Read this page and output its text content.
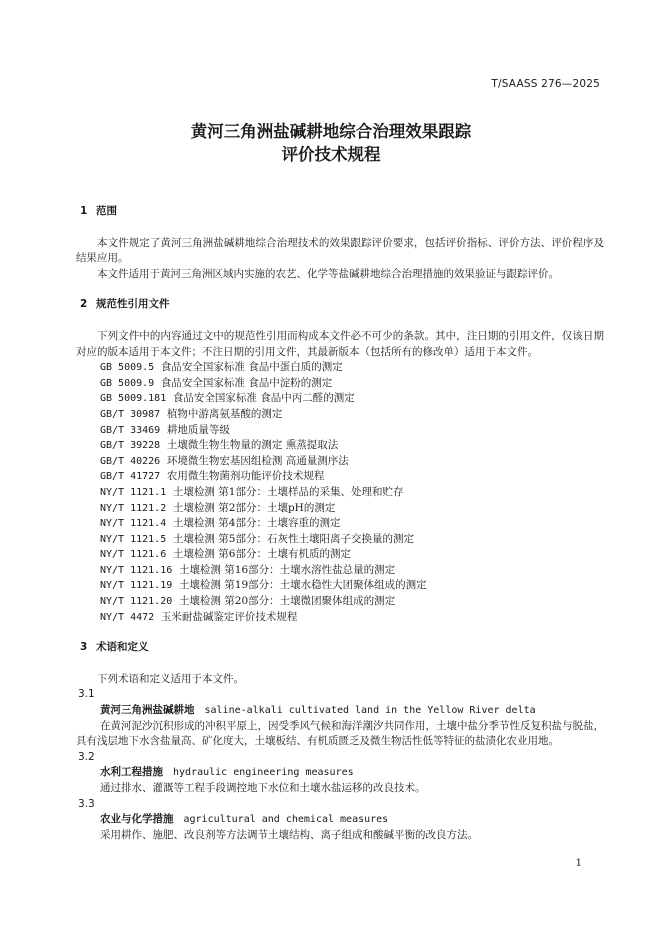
T/SAASS 276—2025
黄河三角洲盐碱耕地综合治理效果跟踪
评价技术规程
1 范围

本文件规定了黄河三角洲盐碱耕地综合治理技术的效果跟踪评价要求，包括评价指标、评价方法、评价程序及结果应用。

本文件适用于黄河三角洲区域内实施的农艺、化学等盐碱耕地综合治理措施的效果验证与跟踪评价。

2 规范性引用文件

下列文件中的内容通过文中的规范性引用而构成本文件必不可少的条款。其中，注日期的引用文件，仅该日期对应的版本适用于本文件；不注日期的引用文件，其最新版本（包括所有的修改单）适用于本文件。

GB 5009.5 食品安全国家标准 食品中蛋白质的测定
GB 5009.9 食品安全国家标准 食品中淀粉的测定
GB 5009.181 食品安全国家标准 食品中丙二醛的测定
GB/T 30987 植物中游离氨基酸的测定
GB/T 33469 耕地质量等级
GB/T 39228 土壤微生物生物量的测定 熏蒸提取法
GB/T 40226 环境微生物宏基因组检测 高通量测序法
GB/T 41727 农用微生物菌剂功能评价技术规程
NY/T 1121.1 土壤检测 第1部分：土壤样品的采集、处理和贮存
NY/T 1121.2 土壤检测 第2部分：土壤pH的测定
NY/T 1121.4 土壤检测 第4部分：土壤容重的测定
NY/T 1121.5 土壤检测 第5部分：石灰性土壤阳离子交换量的测定
NY/T 1121.6 土壤检测 第6部分：土壤有机质的测定
NY/T 1121.16 土壤检测 第16部分：土壤水溶性盐总量的测定
NY/T 1121.19 土壤检测 第19部分：土壤水稳性大团聚体组成的测定
NY/T 1121.20 土壤检测 第20部分：土壤微团聚体组成的测定
NY/T 4472 玉米耐盐碱鉴定评价技术规程
3 术语和定义

下列术语和定义适用于本文件。

3.1
黄河三角洲盐碱耕地 saline-alkali cultivated land in the Yellow River delta

在黄河泥沙沉积形成的冲积平原上，因受季风气候和海洋潮汐共同作用，土壤中盐分季节性反复积盐与脱盐，具有浅层地下水含盐量高、矿化度大，土壤板结、有机质匮乏及微生物活性低等特征的盐渍化农业用地。

3.2
水利工程措施 hydraulic engineering measures

通过排水、灌溉等工程手段调控地下水位和土壤水盐运移的改良技术。

3.3
农业与化学措施 agricultural and chemical measures

采用耕作、施肥、改良剂等方法调节土壤结构、离子组成和酸碱平衡的改良方法。

1
